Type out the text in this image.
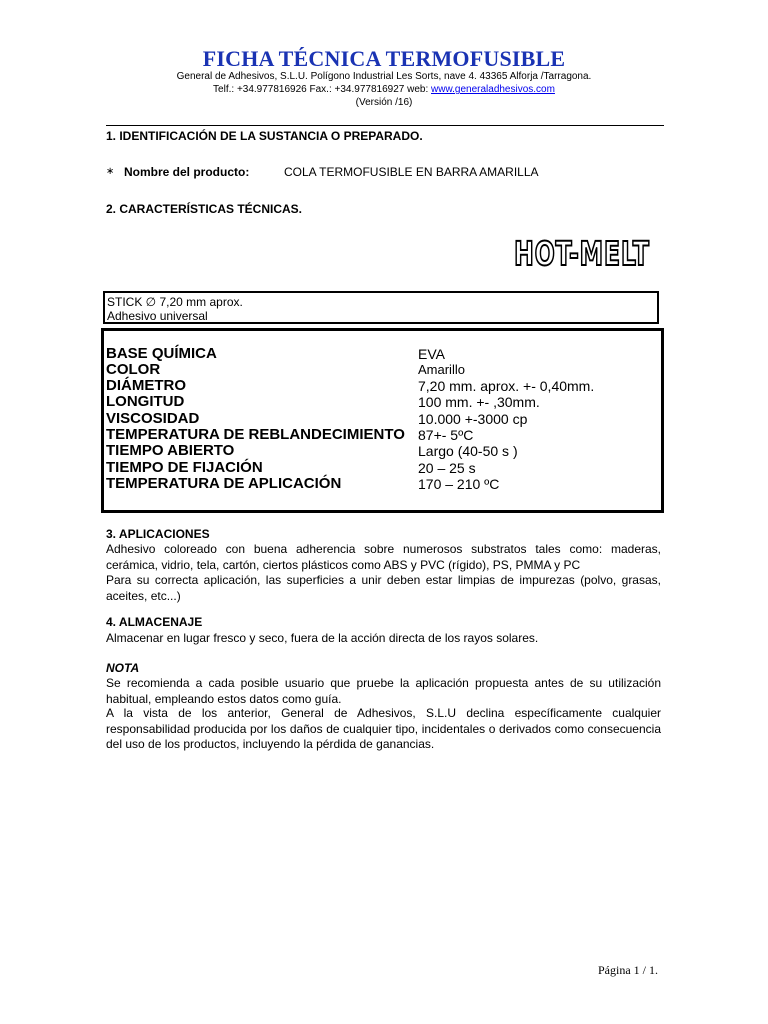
FICHA TÉCNICA TERMOFUSIBLE
General de Adhesivos, S.L.U. Polígono Industrial Les Sorts, nave 4. 43365 Alforja /Tarragona.
Telf.: +34.977816926 Fax.: +34.977816927 web: www.generaladhesivos.com
(Versión /16)
1. IDENTIFICACIÓN DE LA SUSTANCIA O PREPARADO.
∗ Nombre del producto:	COLA TERMOFUSIBLE EN BARRA AMARILLA
2. CARACTERÍSTICAS TÉCNICAS.
HOT-MELT
STICK ∅ 7,20 mm aprox.
Adhesivo universal
BASE QUÍMICA	EVA
COLOR	Amarillo
DIÁMETRO	7,20 mm. aprox. +- 0,40mm.
LONGITUD	100 mm. +- ,30mm.
VISCOSIDAD	10.000 +-3000 cp
TEMPERATURA DE REBLANDECIMIENTO 87+- 5ºC
TIEMPO ABIERTO	Largo (40-50 s )
TIEMPO DE FIJACIÓN	20 – 25 s
TEMPERATURA DE APLICACIÓN	170 – 210 ºC
3. APLICACIONES
Adhesivo coloreado con buena adherencia sobre numerosos substratos tales como: maderas, cerámica, vidrio, tela, cartón, ciertos plásticos como ABS y PVC (rígido), PS, PMMA y PC
Para su correcta aplicación, las superficies a unir deben estar limpias de impurezas (polvo, grasas, aceites, etc...)
4. ALMACENAJE
Almacenar en lugar fresco y seco, fuera de la acción directa de los rayos solares.
NOTA
Se recomienda a cada posible usuario que pruebe la aplicación propuesta antes de su utilización habitual, empleando estos datos como guía.
A la vista de los anterior, General de Adhesivos, S.L.U declina específicamente cualquier responsabilidad producida por los daños de cualquier tipo, incidentales o derivados como consecuencia del uso de los productos, incluyendo la pérdida de ganancias.
Página 1 / 1.
